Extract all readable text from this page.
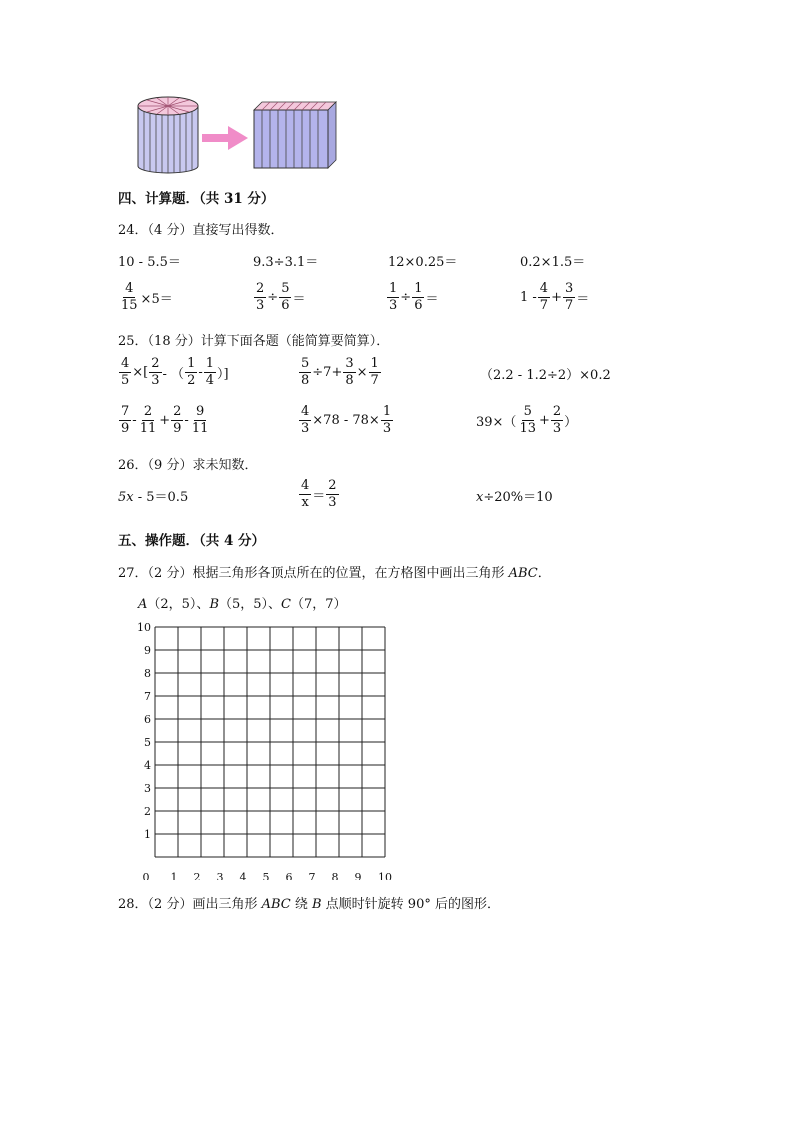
四、计算题．（共 31 分）
24．（4 分）直接写出得数．
10 - 5.5＝	9.3÷3.1＝	12×0.25＝	0.2×1.5＝
$\frac{4}{15} \times 5=$	$\frac{2}{3} \div \frac{5}{6}$ ＝	$\frac{1}{3} \div \frac{1}{6}$ ＝	$1 - \frac{4}{7} + \frac{3}{7}$ ＝
25．（18 分）计算下面各题（能简算要简算）．
$\frac{4}{5}$ ×[ $\frac{2}{3}$ - （ $\frac{1}{2} - \frac{1}{4}$ ）]	$\frac{5}{8} \div 7+ \frac{3}{8} \times \frac{1}{7}$	（2.2 - 1.2÷2）×0.2
$\frac{7}{9} - \frac{2}{11} + \frac{2}{9} - \frac{9}{11}$	$\frac{4}{3} \times 78 - 78\times \frac{1}{3}$	$39\times( \frac{5}{13} + \frac{2}{3}$ ）
26．（9 分）求未知数．
5x - 5＝0.5	$\frac{4}{x} = \frac{2}{3}$	x÷20%＝10
五、操作题．（共 4 分）
27．（2 分）根据三角形各顶点所在的位置，在方格图中画出三角形 ABC．
A（2，5）、B（5，5）、C（7，7）
10
9
8
7
6
5
4
3
2
1
0 1 2 3 4 5 6 7 8 9 10
28．（2 分）画出三角形 ABC 绕 B 点顺时针旋转 90° 后的图形．
